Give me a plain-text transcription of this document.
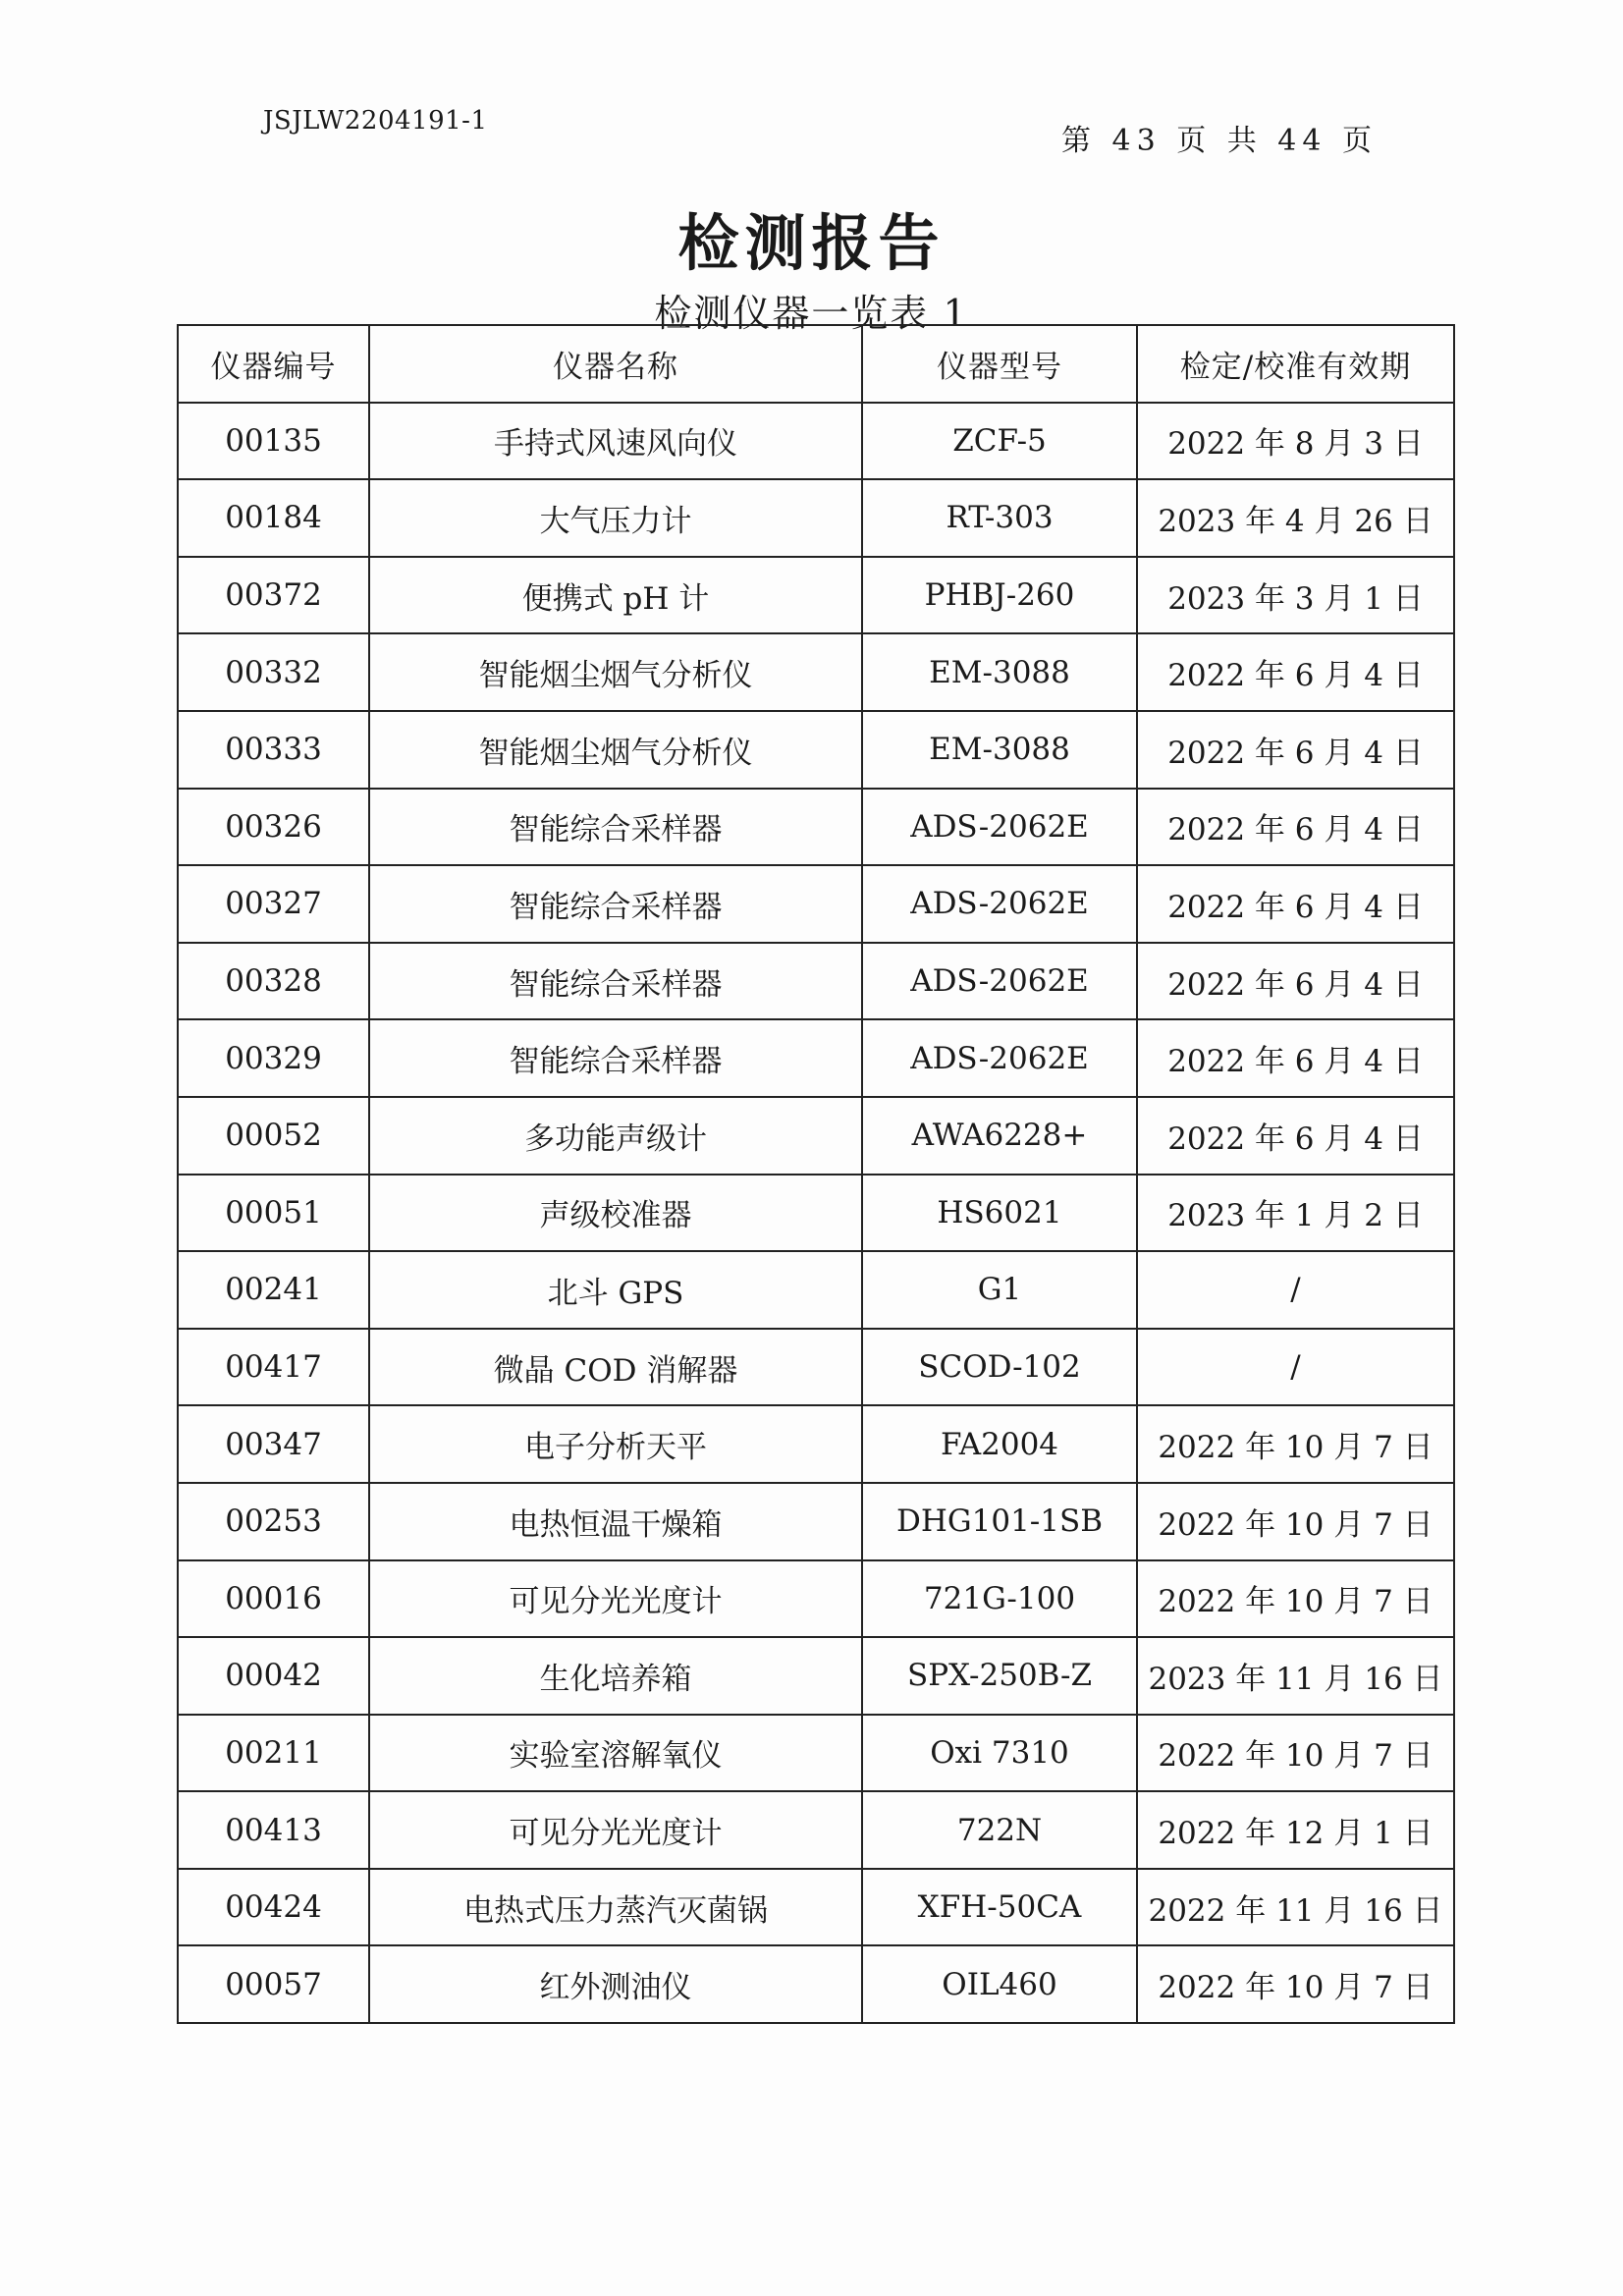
JSJLW2204191-1
第 43 页 共 44 页
检测报告
检测仪器一览表 1
仪器编号	仪器名称	仪器型号	检定/校准有效期
00135	手持式风速风向仪	ZCF-5	2022 年 8 月 3 日
00184	大气压力计	RT-303	2023 年 4 月 26 日
00372	便携式 pH 计	PHBJ-260	2023 年 3 月 1 日
00332	智能烟尘烟气分析仪	EM-3088	2022 年 6 月 4 日
00333	智能烟尘烟气分析仪	EM-3088	2022 年 6 月 4 日
00326	智能综合采样器	ADS-2062E	2022 年 6 月 4 日
00327	智能综合采样器	ADS-2062E	2022 年 6 月 4 日
00328	智能综合采样器	ADS-2062E	2022 年 6 月 4 日
00329	智能综合采样器	ADS-2062E	2022 年 6 月 4 日
00052	多功能声级计	AWA6228+	2022 年 6 月 4 日
00051	声级校准器	HS6021	2023 年 1 月 2 日
00241	北斗 GPS	G1	/
00417	微晶 COD 消解器	SCOD-102	/
00347	电子分析天平	FA2004	2022 年 10 月 7 日
00253	电热恒温干燥箱	DHG101-1SB	2022 年 10 月 7 日
00016	可见分光光度计	721G-100	2022 年 10 月 7 日
00042	生化培养箱	SPX-250B-Z	2023 年 11 月 16 日
00211	实验室溶解氧仪	Oxi 7310	2022 年 10 月 7 日
00413	可见分光光度计	722N	2022 年 12 月 1 日
00424	电热式压力蒸汽灭菌锅	XFH-50CA	2022 年 11 月 16 日
00057	红外测油仪	OIL460	2022 年 10 月 7 日
